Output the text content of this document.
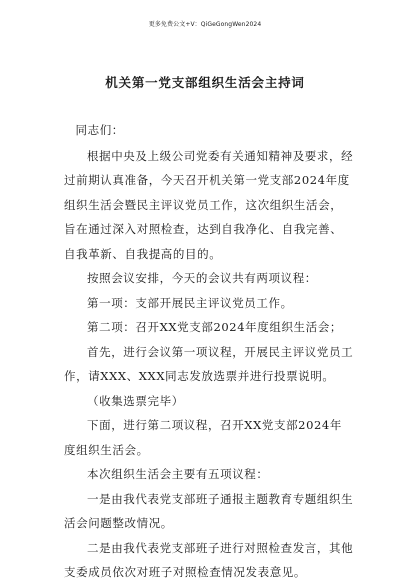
更多免费公文+V：QiGeGongWen2024
机关第一党支部组织生活会主持词

同志们：

根据中央及上级公司党委有关通知精神及要求，经过前期认真准备，今天召开机关第一党支部2024年度组织生活会暨民主评议党员工作，这次组织生活会，旨在通过深入对照检查，达到自我净化、自我完善、自我革新、自我提高的目的。

按照会议安排，今天的会议共有两项议程：

第一项：支部开展民主评议党员工作。

第二项：召开XX党支部2024年度组织生活会；

首先，进行会议第一项议程，开展民主评议党员工作，请XXX、XXX同志发放选票并进行投票说明。

（收集选票完毕）

下面，进行第二项议程，召开XX党支部2024年度组织生活会。

本次组织生活会主要有五项议程：

一是由我代表党支部班子通报主题教育专题组织生活会问题整改情况。

二是由我代表党支部班子进行对照检查发言，其他支委成员依次对班子对照检查情况发表意见。
